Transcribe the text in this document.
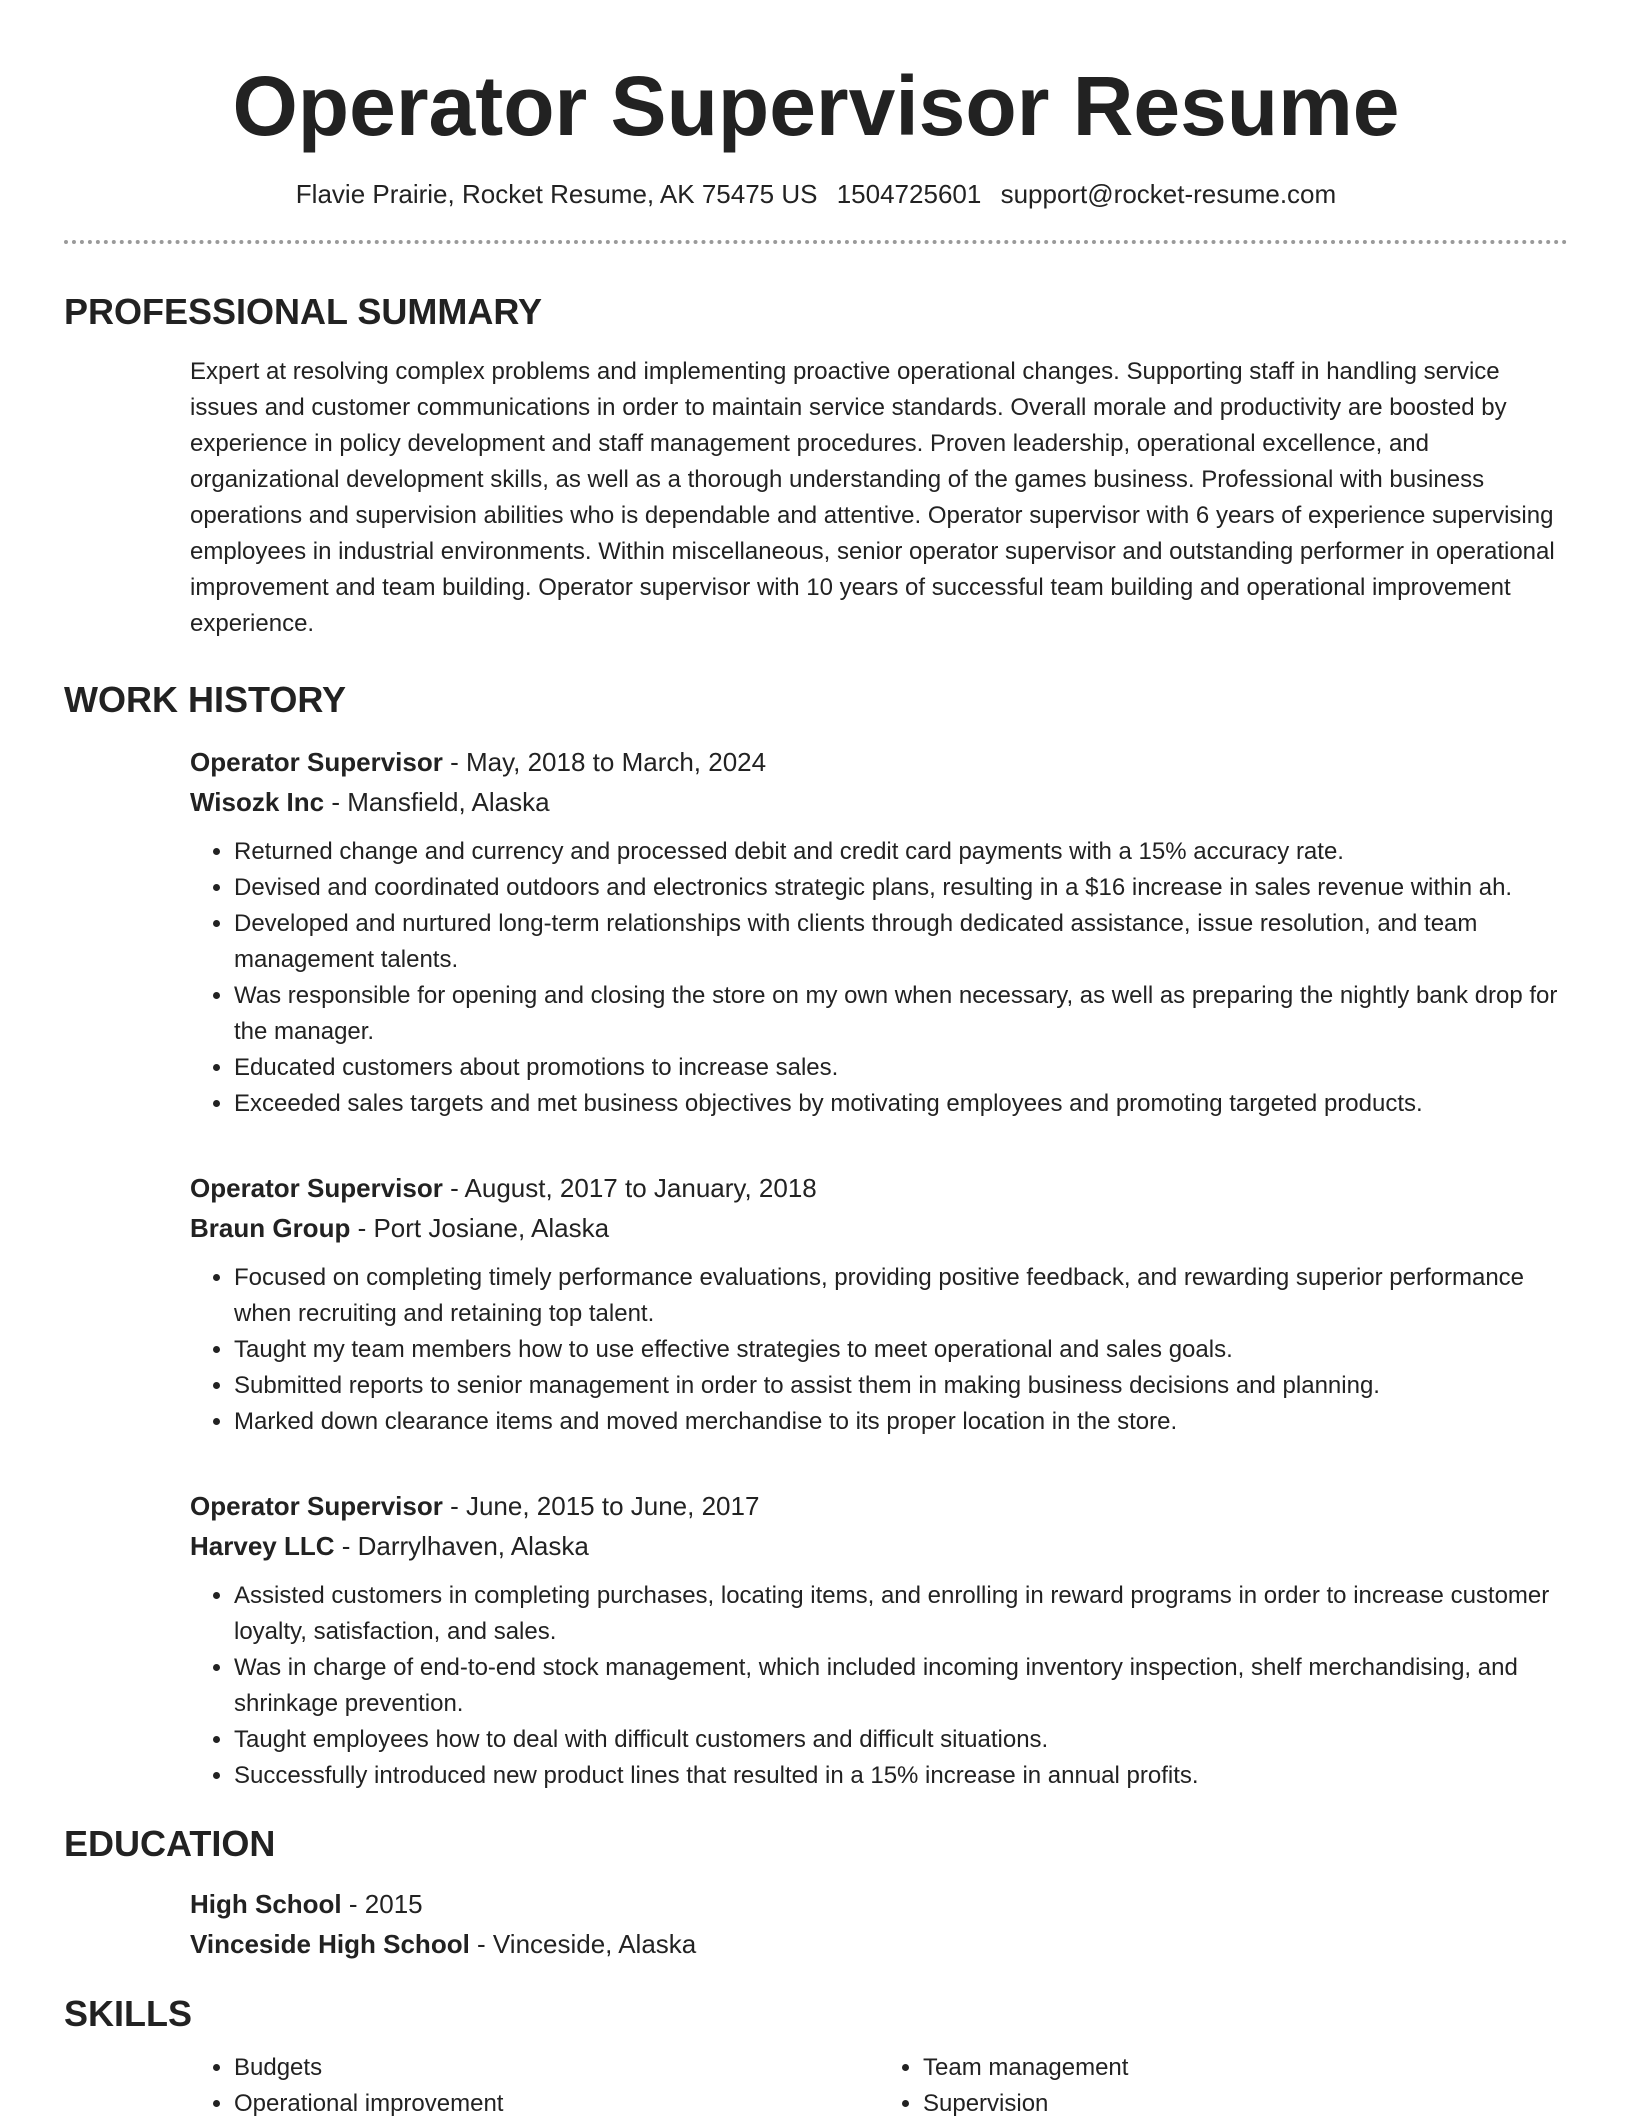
Operator Supervisor Resume
Flavie Prairie, Rocket Resume, AK 75475 US 1504725601 support@rocket-resume.com
PROFESSIONAL SUMMARY

Expert at resolving complex problems and implementing proactive operational changes. Supporting staff in handling service issues and customer communications in order to maintain service standards. Overall morale and productivity are boosted by experience in policy development and staff management procedures. Proven leadership, operational excellence, and organizational development skills, as well as a thorough understanding of the games business. Professional with business operations and supervision abilities who is dependable and attentive. Operator supervisor with 6 years of experience supervising employees in industrial environments. Within miscellaneous, senior operator supervisor and outstanding performer in operational improvement and team building. Operator supervisor with 10 years of successful team building and operational improvement experience.

WORK HISTORY
Operator Supervisor - May, 2018 to March, 2024
Wisozk Inc - Mansfield, Alaska
• Returned change and currency and processed debit and credit card payments with a 15% accuracy rate.
• Devised and coordinated outdoors and electronics strategic plans, resulting in a $16 increase in sales revenue within ah.
• Developed and nurtured long-term relationships with clients through dedicated assistance, issue resolution, and team management talents.
• Was responsible for opening and closing the store on my own when necessary, as well as preparing the nightly bank drop for the manager.
• Educated customers about promotions to increase sales.
• Exceeded sales targets and met business objectives by motivating employees and promoting targeted products.
Operator Supervisor - August, 2017 to January, 2018
Braun Group - Port Josiane, Alaska
• Focused on completing timely performance evaluations, providing positive feedback, and rewarding superior performance when recruiting and retaining top talent.
• Taught my team members how to use effective strategies to meet operational and sales goals.
• Submitted reports to senior management in order to assist them in making business decisions and planning.
• Marked down clearance items and moved merchandise to its proper location in the store.
Operator Supervisor - June, 2015 to June, 2017
Harvey LLC - Darrylhaven, Alaska
• Assisted customers in completing purchases, locating items, and enrolling in reward programs in order to increase customer loyalty, satisfaction, and sales.
• Was in charge of end-to-end stock management, which included incoming inventory inspection, shelf merchandising, and shrinkage prevention.
• Taught employees how to deal with difficult customers and difficult situations.
• Successfully introduced new product lines that resulted in a 15% increase in annual profits.
EDUCATION
High School - 2015
Vinceside High School - Vinceside, Alaska
SKILLS
• Budgets
• Operational improvement
• Team management
• Supervision
